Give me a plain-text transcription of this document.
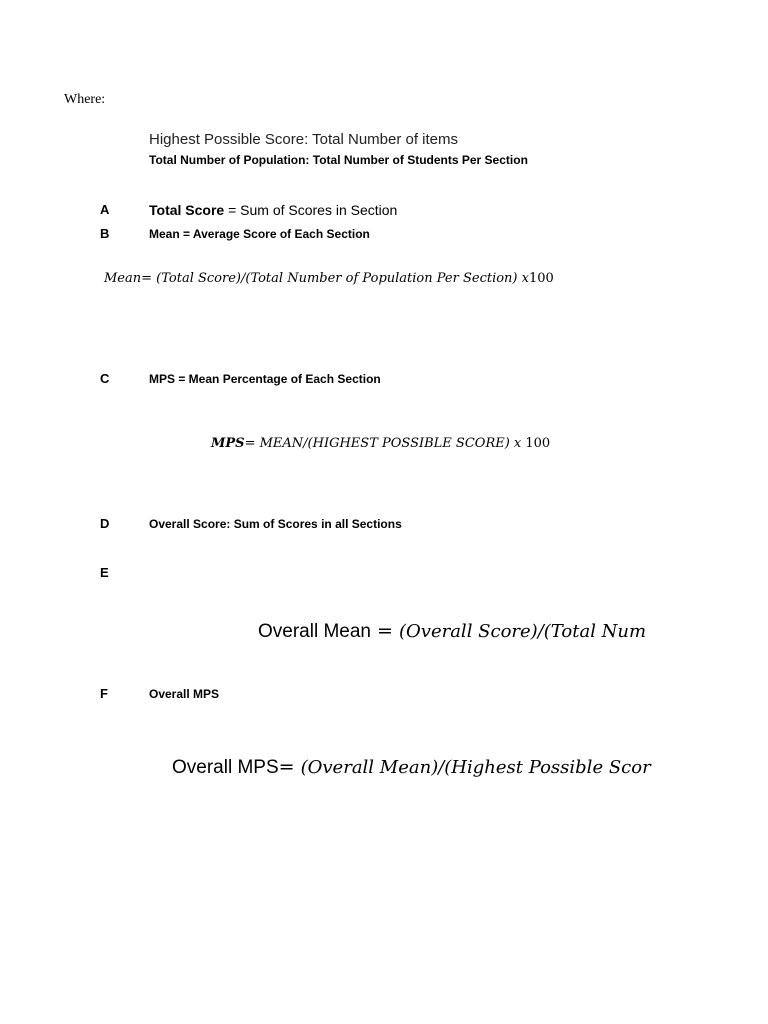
Where:
Highest Possible Score: Total Number of items
Total Number of Population: Total Number of Students Per Section
A	Total Score = Sum of Scores in Section
B	Mean = Average Score of Each Section
Mean= (Total Score)/(Total Number of Population Per Section) x100
C	MPS = Mean Percentage of Each Section
MPS= MEAN/(HIGHEST POSSIBLE SCORE) x 100
D	Overall Score: Sum of Scores in all Sections
E
Overall Mean = (Overall Score)/(Total Num
F	Overall MPS
Overall MPS= (Overall Mean)/(Highest Possible Scor
